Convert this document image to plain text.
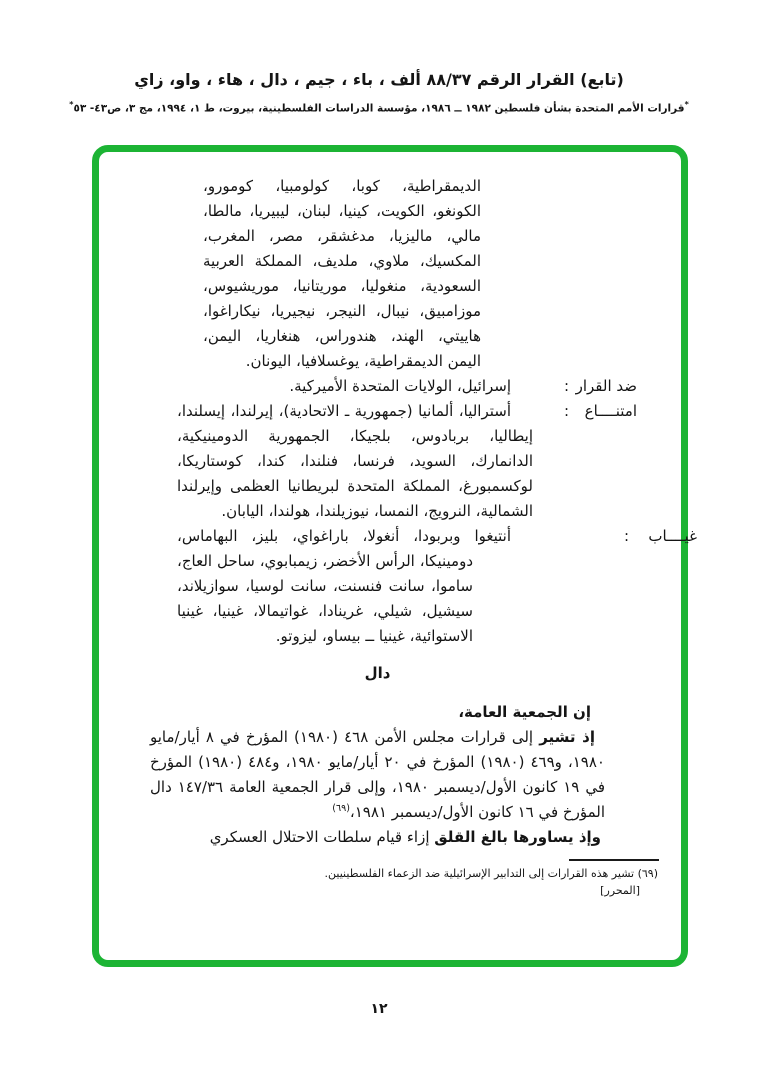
(تابع) القرار الرقم ٨٨/٣٧ ألف ، باء ، جيم ، دال ، هاء ، واو، زاي
*قرارات الأمم المتحدة بشأن فلسطين ١٩٨٢ ــ ١٩٨٦، مؤسسة الدراسات الفلسطينية، بيروت، ط ١، ١٩٩٤، مج ٣، ص٤٣- ٥٣*

الديمقراطية، كوبا، كولومبيا، كومورو، الكونغو، الكويت، كينيا، لبنان، ليبيريا، مالطا، مالي، ماليزيا، مدغشقر، مصر، المغرب، المكسيك، ملاوي، ملديف، المملكة العربية السعودية، منغوليا، موريتانيا، موريشيوس، موزامبيق، نيبال، النيجر، نيجيريا، نيكاراغوا، هاييتي، الهند، هندوراس، هنغاريا، اليمن، اليمن الديمقراطية، يوغسلافيا، اليونان.

ضد القرار:إسرائيل، الولايات المتحدة الأميركية.

امتنــــاع:أستراليا، ألمانيا (جمهورية ـ الاتحادية)، إيرلندا، إيسلندا، إيطاليا، بربادوس، بلجيكا، الجمهورية الدومينيكية، الدانمارك، السويد، فرنسا، فنلندا، كندا، كوستاريكا، لوكسمبورغ، المملكة المتحدة لبريطانيا العظمى وإيرلندا الشمالية، النرويج، النمسا، نيوزيلندا، هولندا، اليابان.

غيــــاب:أنتيغوا وبربودا، أنغولا، باراغواي، بليز، البهاماس، دومينيكا، الرأس الأخضر، زيمبابوي، ساحل العاج، ساموا، سانت فنسنت، سانت لوسيا، سوازيلاند، سيشيل، شيلي، غرينادا، غواتيمالا، غينيا، غينيا الاستوائية، غينيا ــ بيساو، ليزوتو.

دال

إن الجمعية العامة،

إذ تشير إلى قرارات مجلس الأمن ٤٦٨ (١٩٨٠) المؤرخ في ٨ أيار/مايو ١٩٨٠، و٤٦٩ (١٩٨٠) المؤرخ في ٢٠ أيار/مايو ١٩٨٠، و٤٨٤ (١٩٨٠) المؤرخ في ١٩ كانون الأول/ديسمبر ١٩٨٠، وإلى قرار الجمعية العامة ١٤٧/٣٦ دال المؤرخ في ١٦ كانون الأول/ديسمبر ١٩٨١،$^{(٦٩)}$

وإذ يساورها بالغ القلق إزاء قيام سلطات الاحتلال العسكري

(٦٩) تشير هذه القرارات إلى التدابير الإسرائيلية ضد الزعماء الفلسطينيين.
[المحرر]
١٢
